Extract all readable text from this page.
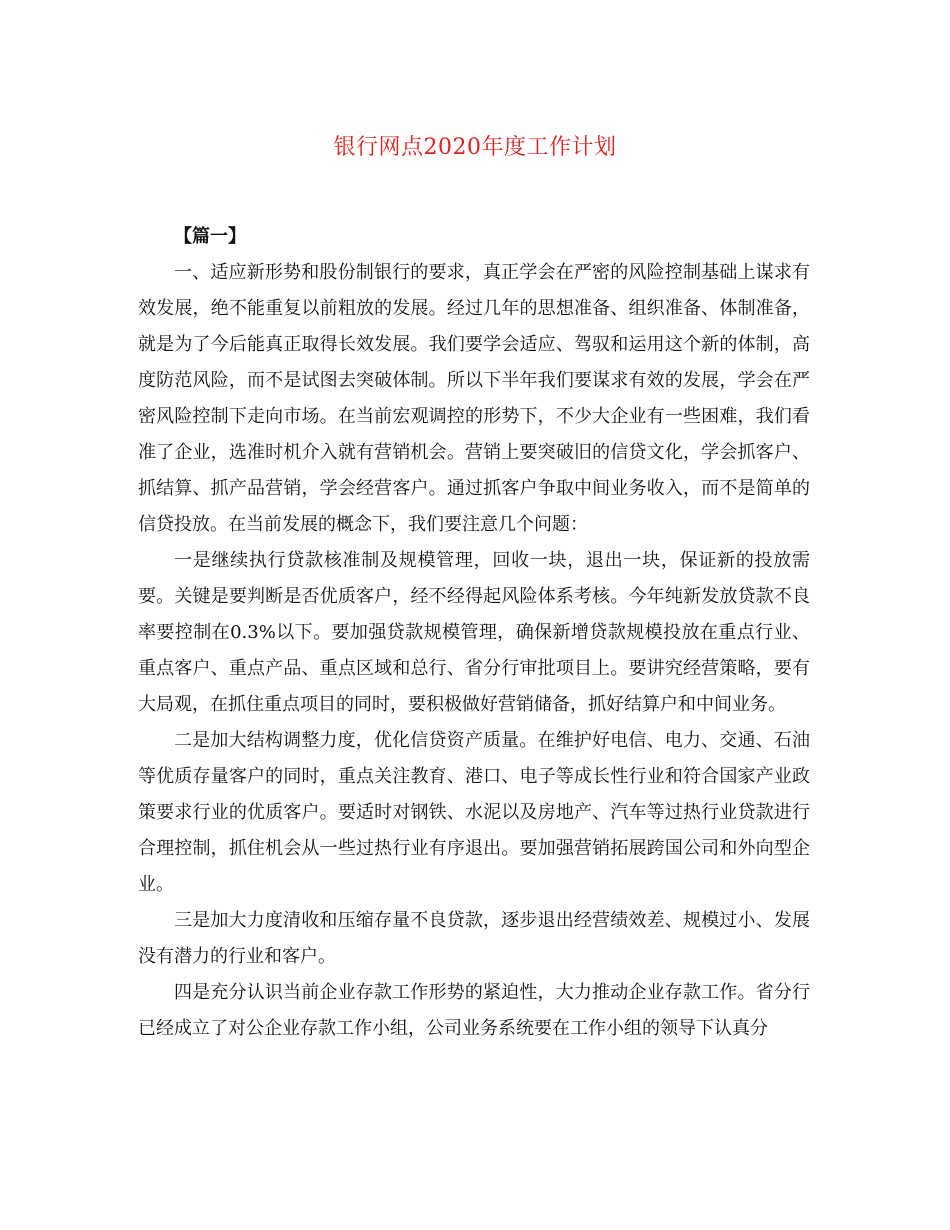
银行网点2020年度工作计划

【篇一】

一、适应新形势和股份制银行的要求，真正学会在严密的风险控制基础上谋求有效发展，绝不能重复以前粗放的发展。经过几年的思想准备、组织准备、体制准备，就是为了今后能真正取得长效发展。我们要学会适应、驾驭和运用这个新的体制，高度防范风险，而不是试图去突破体制。所以下半年我们要谋求有效的发展，学会在严密风险控制下走向市场。在当前宏观调控的形势下，不少大企业有一些困难，我们看准了企业，选准时机介入就有营销机会。营销上要突破旧的信贷文化，学会抓客户、抓结算、抓产品营销，学会经营客户。通过抓客户争取中间业务收入，而不是简单的信贷投放。在当前发展的概念下，我们要注意几个问题：

一是继续执行贷款核准制及规模管理，回收一块，退出一块，保证新的投放需要。关键是要判断是否优质客户，经不经得起风险体系考核。今年纯新发放贷款不良率要控制在0.3%以下。要加强贷款规模管理，确保新增贷款规模投放在重点行业、重点客户、重点产品、重点区域和总行、省分行审批项目上。要讲究经营策略，要有大局观，在抓住重点项目的同时，要积极做好营销储备，抓好结算户和中间业务。

二是加大结构调整力度，优化信贷资产质量。在维护好电信、电力、交通、石油等优质存量客户的同时，重点关注教育、港口、电子等成长性行业和符合国家产业政策要求行业的优质客户。要适时对钢铁、水泥以及房地产、汽车等过热行业贷款进行合理控制，抓住机会从一些过热行业有序退出。要加强营销拓展跨国公司和外向型企业。

三是加大力度清收和压缩存量不良贷款，逐步退出经营绩效差、规模过小、发展没有潜力的行业和客户。

四是充分认识当前企业存款工作形势的紧迫性，大力推动企业存款工作。省分行已经成立了对公企业存款工作小组，公司业务系统要在工作小组的领导下认真分
